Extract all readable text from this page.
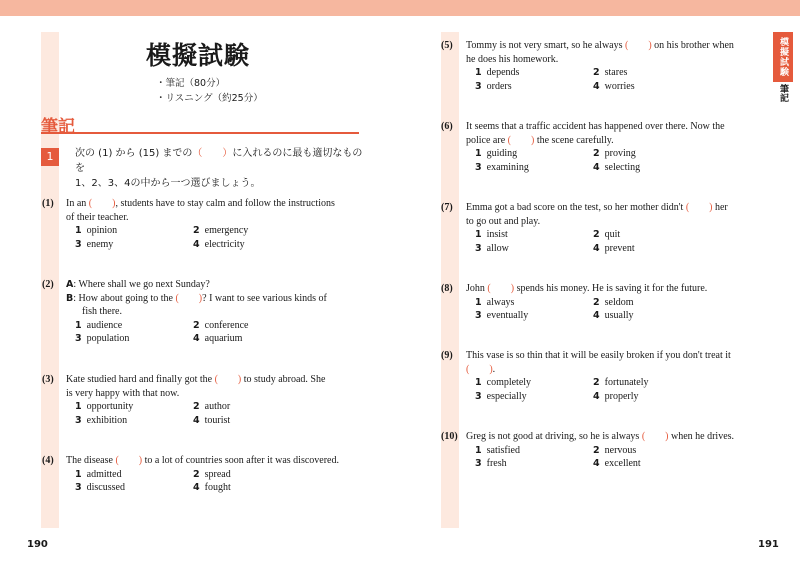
模擬試験
・筆記（80分）
・リスニング（約25分）
筆記
1	次の (1) から (15) までの（　　）に入れるのに最も適切なものを
1、2、3、4の中から一つ選びましょう。
(1) In an (　　), students have to stay calm and follow the instructions

of their teacher.

1 opinion	2 emergency
3 enemy	4 electricity
(2) A: Where shall we go next Sunday?

B: How about going to the (　　)? I want to see various kinds of

fish there.

1 audience	2 conference
3 population	4 aquarium
(3) Kate studied hard and finally got the (　　) to study abroad. She

is very happy with that now.

1 opportunity	2 author
3 exhibition	4 tourist
(4) The disease (　　) to a lot of countries soon after it was discovered.

1 admitted	2 spread
3 discussed	4 fought
190
(5) Tommy is not very smart, so he always (　　) on his brother when

he does his homework.

1 depends	2 stares
3 orders	4 worries
(6) It seems that a traffic accident has happened over there. Now the

police are (　　) the scene carefully.

1 guiding	2 proving
3 examining	4 selecting
(7) Emma got a bad score on the test, so her mother didn't (　　) her

to go out and play.

1 insist	2 quit
3 allow	4 prevent
(8) John (　　) spends his money. He is saving it for the future.

1 always	2 seldom
3 eventually	4 usually
(9) This vase is so thin that it will be easily broken if you don't treat it

(　　).

1 completely	2 fortunately
3 especially	4 properly
(10) Greg is not good at driving, so he is always (　　) when he drives.

1 satisfied	2 nervous
3 fresh	4 excellent
模擬試験
筆記
191
